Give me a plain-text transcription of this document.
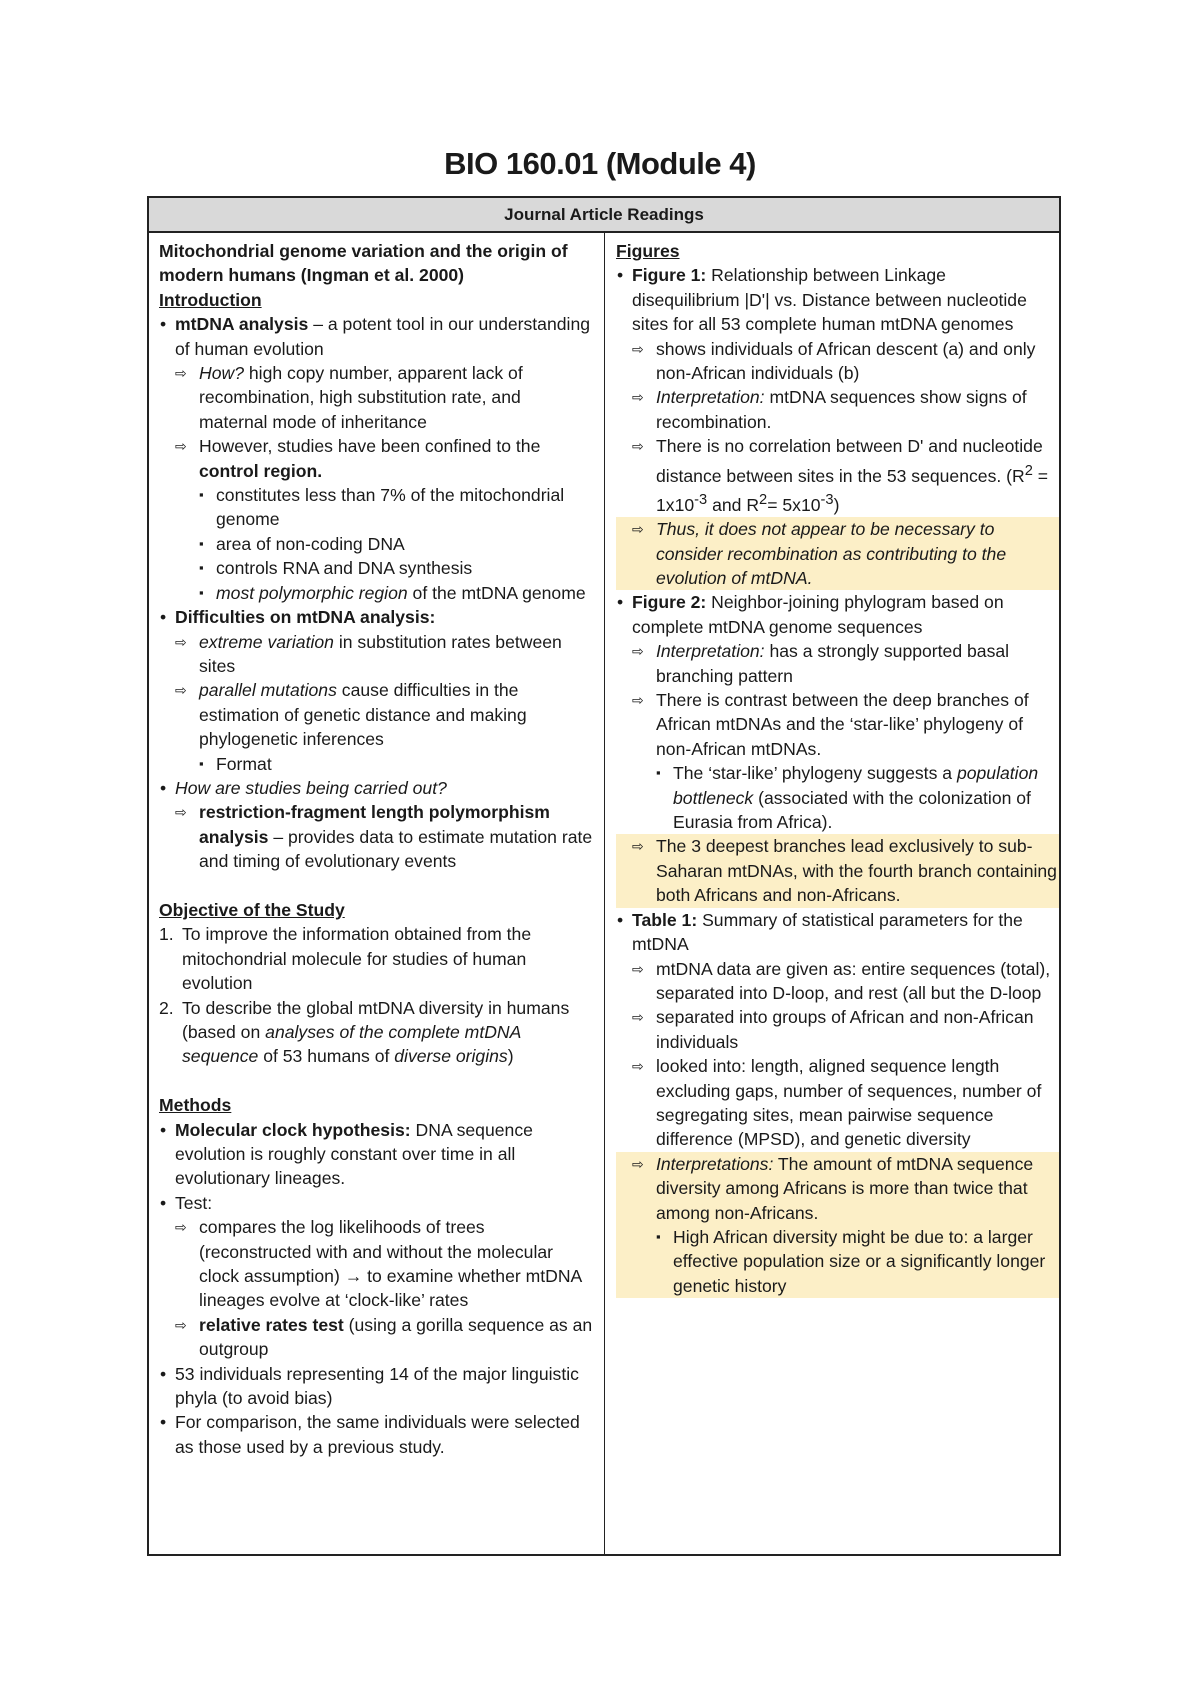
BIO 160.01 (Module 4)
Journal Article Readings
Mitochondrial genome variation and the origin of modern humans (Ingman et al. 2000)
Introduction
• mtDNA analysis – a potent tool in our understanding of human evolution
⇨ How? high copy number, apparent lack of recombination, high substitution rate, and maternal mode of inheritance
⇨ However, studies have been confined to the control region.
▪ constitutes less than 7% of the mitochondrial genome
▪ area of non-coding DNA
▪ controls RNA and DNA synthesis
▪ most polymorphic region of the mtDNA genome
• Difficulties on mtDNA analysis:
⇨ extreme variation in substitution rates between sites
⇨ parallel mutations cause difficulties in the estimation of genetic distance and making phylogenetic inferences
▪ Format
• How are studies being carried out?
⇨ restriction-fragment length polymorphism analysis – provides data to estimate mutation rate and timing of evolutionary events
Objective of the Study
1. To improve the information obtained from the mitochondrial molecule for studies of human evolution
2. To describe the global mtDNA diversity in humans (based on analyses of the complete mtDNA sequence of 53 humans of diverse origins)
Methods
• Molecular clock hypothesis: DNA sequence evolution is roughly constant over time in all evolutionary lineages.
• Test:
⇨ compares the log likelihoods of trees (reconstructed with and without the molecular clock assumption) → to examine whether mtDNA lineages evolve at ‘clock-like’ rates
⇨ relative rates test (using a gorilla sequence as an outgroup
• 53 individuals representing 14 of the major linguistic phyla (to avoid bias)
• For comparison, the same individuals were selected as those used by a previous study.
Figures
• Figure 1: Relationship between Linkage disequilibrium |D'| vs. Distance between nucleotide sites for all 53 complete human mtDNA genomes
⇨ shows individuals of African descent (a) and only non-African individuals (b)
⇨ Interpretation: mtDNA sequences show signs of recombination.
⇨ There is no correlation between D' and nucleotide distance between sites in the 53 sequences. ($R^2 = 1x10^{-3}$ and $R^2= 5x10^{-3}$)
⇨ Thus, it does not appear to be necessary to consider recombination as contributing to the evolution of mtDNA.
• Figure 2: Neighbor-joining phylogram based on complete mtDNA genome sequences
⇨ Interpretation: has a strongly supported basal branching pattern
⇨ There is contrast between the deep branches of African mtDNAs and the ‘star-like’ phylogeny of non-African mtDNAs.
▪ The ‘star-like’ phylogeny suggests a population bottleneck (associated with the colonization of Eurasia from Africa).
⇨ The 3 deepest branches lead exclusively to sub-Saharan mtDNAs, with the fourth branch containing both Africans and non-Africans.
• Table 1: Summary of statistical parameters for the mtDNA
⇨ mtDNA data are given as: entire sequences (total), separated into D-loop, and rest (all but the D-loop
⇨ separated into groups of African and non-African individuals
⇨ looked into: length, aligned sequence length excluding gaps, number of sequences, number of segregating sites, mean pairwise sequence difference (MPSD), and genetic diversity
⇨ Interpretations: The amount of mtDNA sequence diversity among Africans is more than twice that among non-Africans.
▪ High African diversity might be due to: a larger effective population size or a significantly longer genetic history
